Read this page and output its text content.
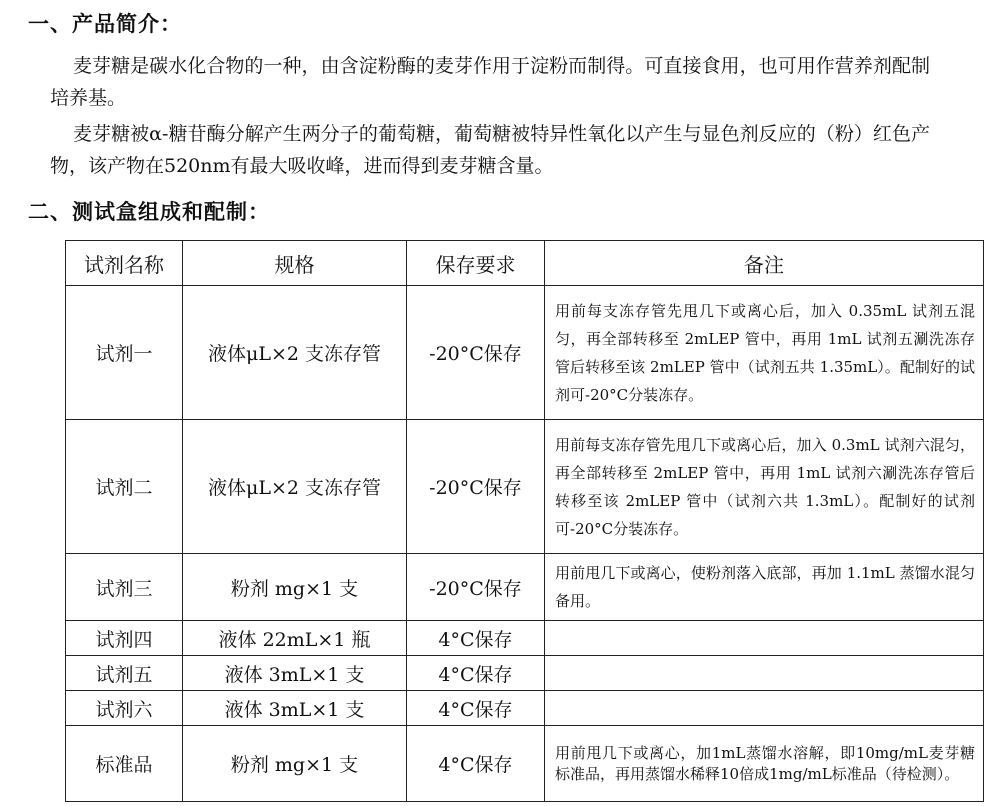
一、产品简介：

麦芽糖是碳水化合物的一种，由含淀粉酶的麦芽作用于淀粉而制得。可直接食用，也可用作营养剂配制培养基。

麦芽糖被α-糖苷酶分解产生两分子的葡萄糖，葡萄糖被特异性氧化以产生与显色剂反应的（粉）红色产物，该产物在520nm有最大吸收峰，进而得到麦芽糖含量。

二、测试盒组成和配制：
试剂名称	规格	保存要求	备注
试剂一	液体μL×2 支冻存管	-20°C保存	用前每支冻存管先甩几下或离心后，加入 0.35mL 试剂五混匀，再全部转移至 2mLEP 管中，再用 1mL 试剂五涮洗冻存管后转移至该 2mLEP 管中（试剂五共 1.35mL）。配制好的试剂可-20°C分装冻存。
试剂二	液体μL×2 支冻存管	-20°C保存	用前每支冻存管先甩几下或离心后，加入 0.3mL 试剂六混匀，再全部转移至 2mLEP 管中，再用 1mL 试剂六涮洗冻存管后转移至该 2mLEP 管中（试剂六共 1.3mL）。配制好的试剂可-20°C分装冻存。
试剂三	粉剂 mg×1 支	-20°C保存	用前甩几下或离心，使粉剂落入底部，再加 1.1mL 蒸馏水混匀备用。
试剂四	液体 22mL×1 瓶	4°C保存	
试剂五	液体 3mL×1 支	4°C保存	
试剂六	液体 3mL×1 支	4°C保存	
标准品	粉剂 mg×1 支	4°C保存	用前甩几下或离心，加1mL蒸馏水溶解，即10mg/mL麦芽糖标准品，再用蒸馏水稀释10倍成1mg/mL标准品（待检测）。
